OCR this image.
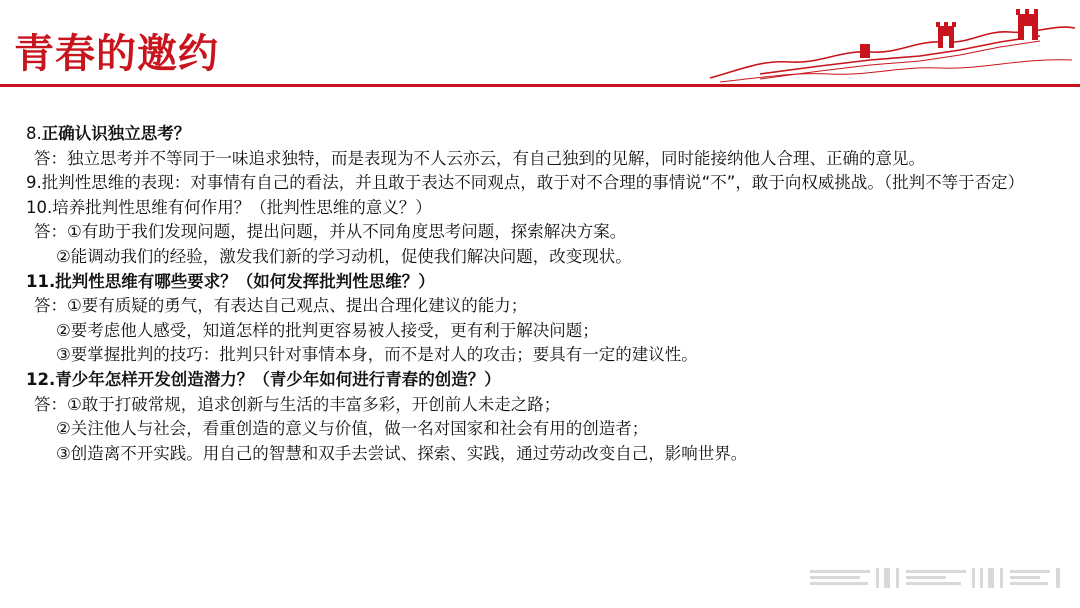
青春的邀约
8.正确认识独立思考？
答：独立思考并不等同于一味追求独特，而是表现为不人云亦云，有自己独到的见解，同时能接纳他人合理、正确的意见。
9.批判性思维的表现：对事情有自己的看法，并且敢于表达不同观点，敢于对不合理的事情说“不”，敢于向权威挑战。（批判不等于否定）
10.培养批判性思维有何作用？（批判性思维的意义？）
答：①有助于我们发现问题，提出问题，并从不同角度思考问题，探索解决方案。
②能调动我们的经验，激发我们新的学习动机，促使我们解决问题，改变现状。
11.批判性思维有哪些要求？（如何发挥批判性思维？）
答：①要有质疑的勇气，有表达自己观点、提出合理化建议的能力；
②要考虑他人感受，知道怎样的批判更容易被人接受，更有利于解决问题；
③要掌握批判的技巧：批判只针对事情本身，而不是对人的攻击；要具有一定的建议性。
12.青少年怎样开发创造潜力？（青少年如何进行青春的创造？）
答：①敢于打破常规，追求创新与生活的丰富多彩，开创前人未走之路；
②关注他人与社会，看重创造的意义与价值，做一名对国家和社会有用的创造者；
③创造离不开实践。用自己的智慧和双手去尝试、探索、实践，通过劳动改变自己，影响世界。
